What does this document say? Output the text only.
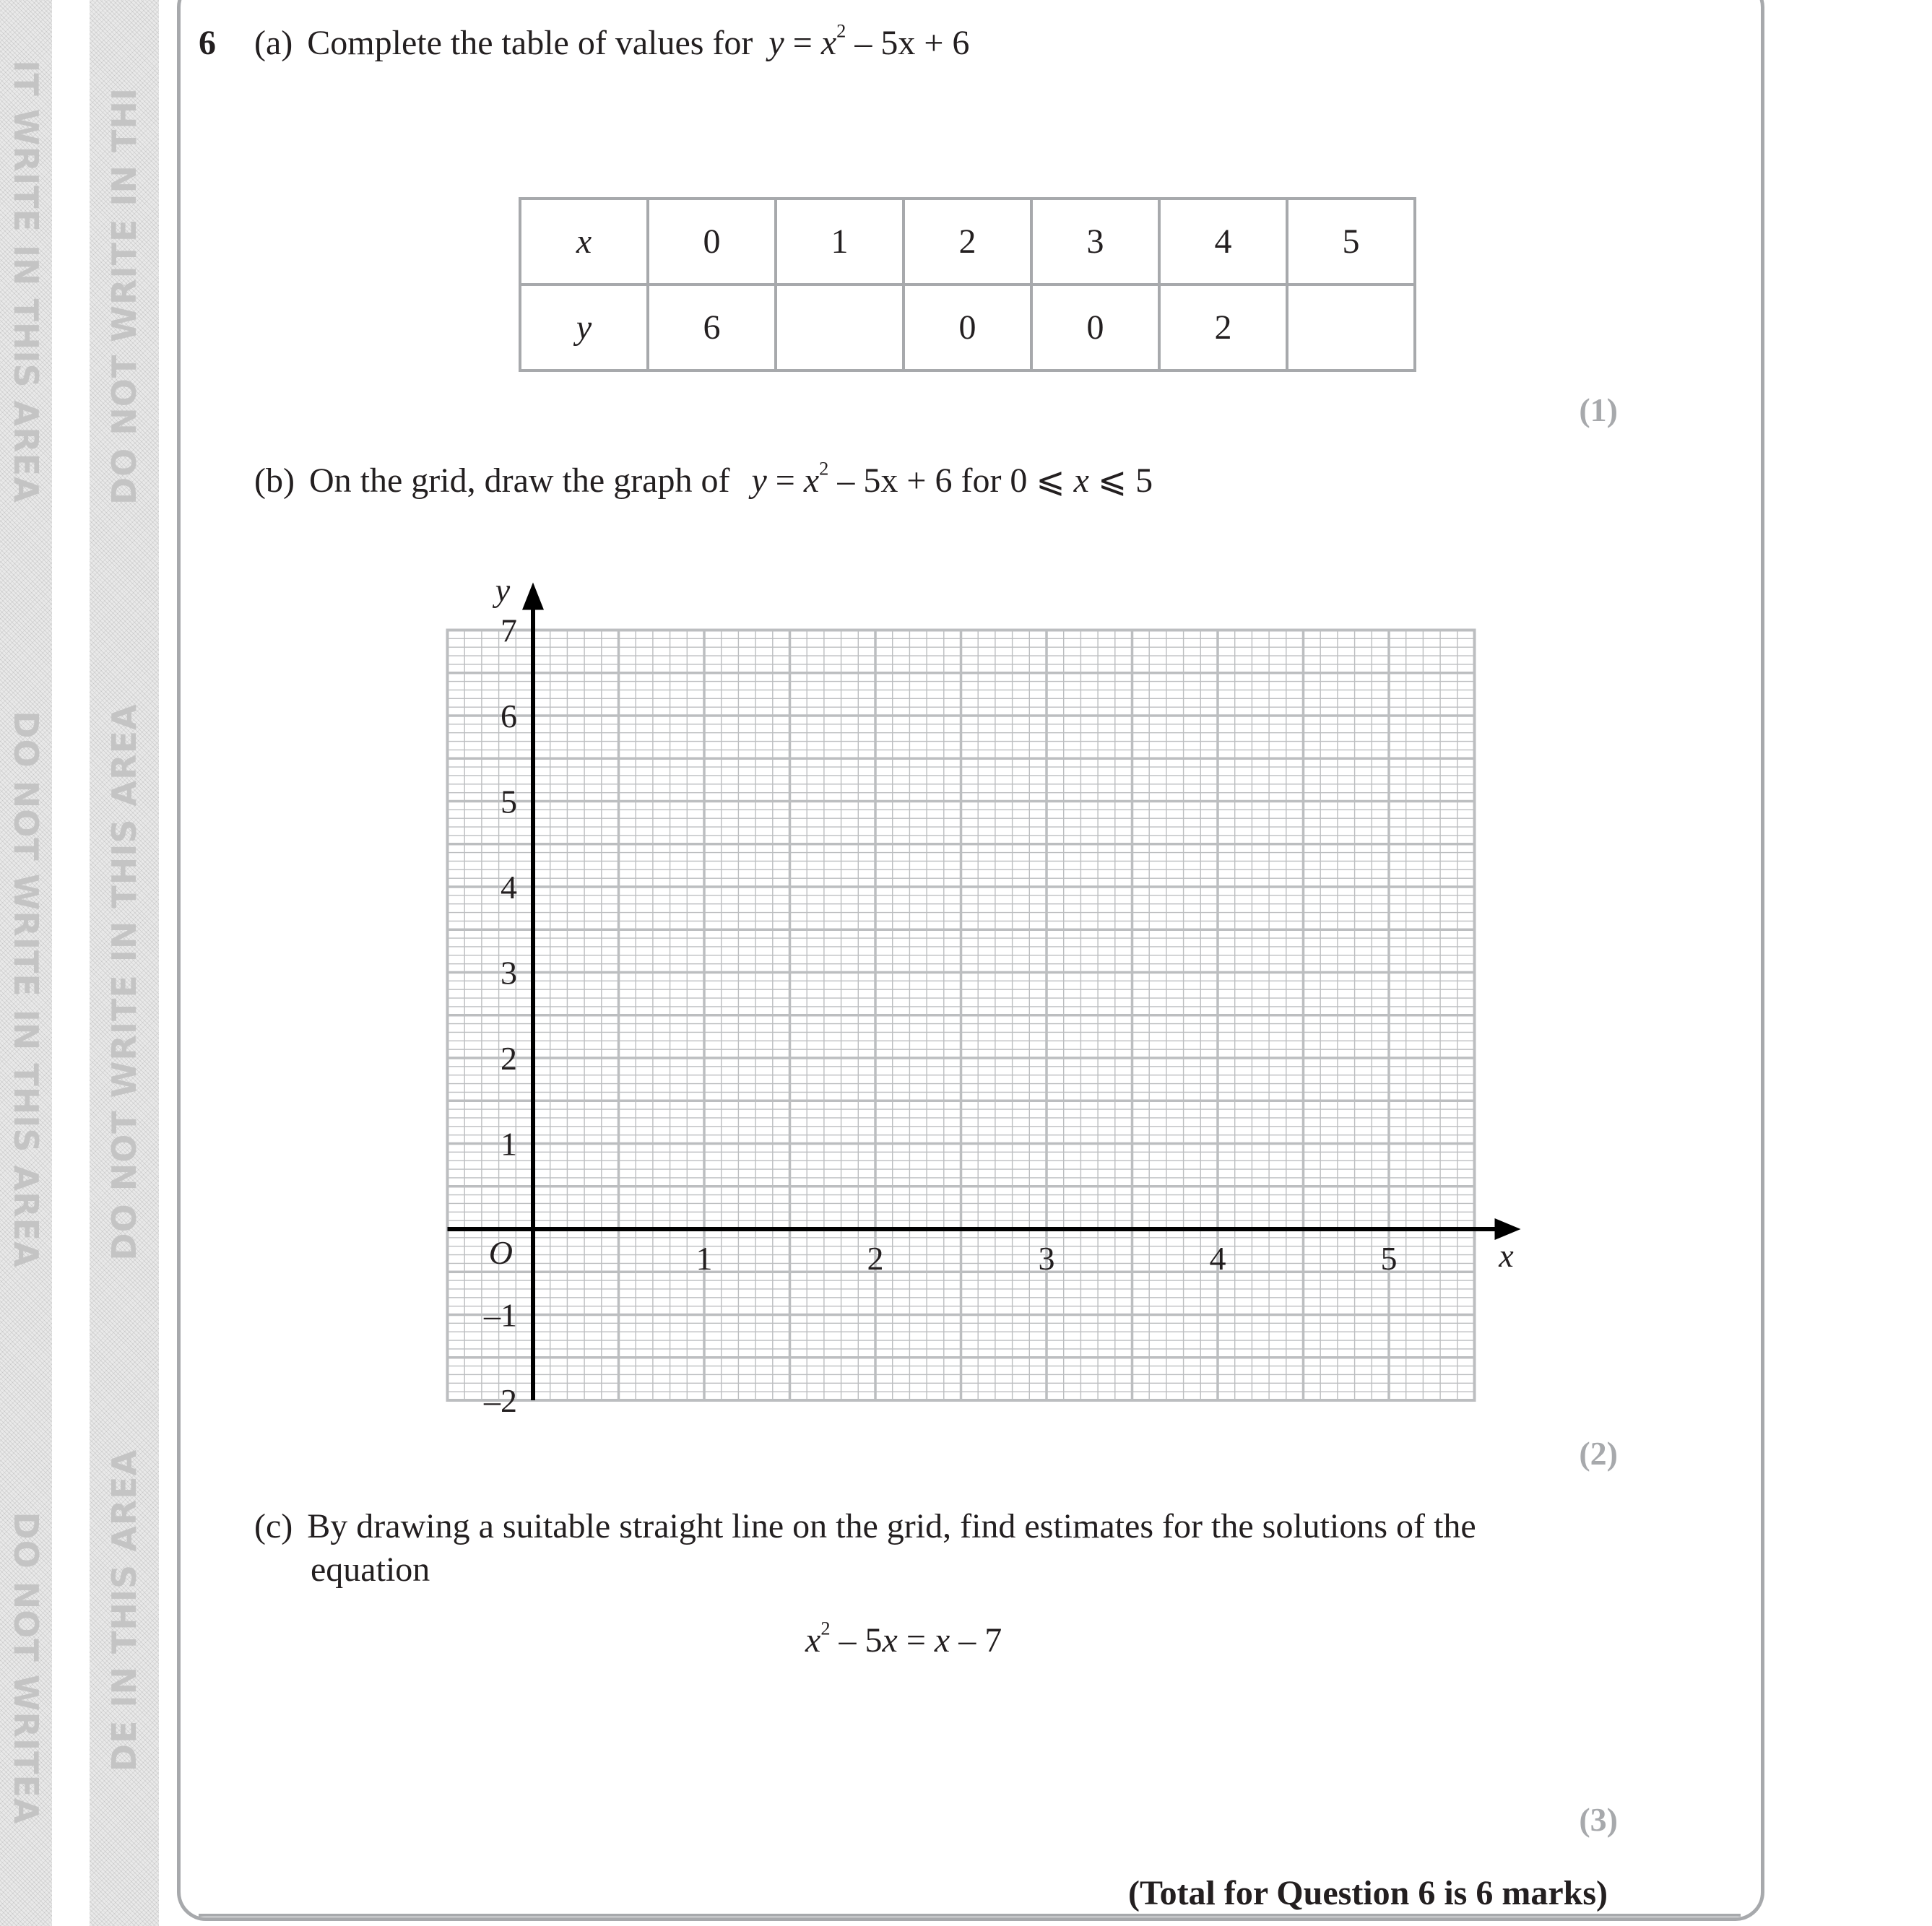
IT WRITE IN THIS AREA
DO NOT WRITE IN THIS AREA
DO NOT WRITEA
DO NOT WRITE IN THI
DO NOT WRITE IN THIS AREA
DE IN THIS AREA
6 (a) Complete the table of values for $y = x^2 - 5x + 6$
x	0	1	2	3	4	5
y	6		0	0	2	
(1)
(b) On the grid, draw the graph of $y = x^2 - 5x + 6$ for 0 ⩽ x ⩽ 5
1	2	3	4	5
7
6
5
4
3
2
1
–1
–2
O	x
y
(2)
(c) By drawing a suitable straight line on the grid, find estimates for the solutions of the
equation
$x^2 - 5x = x - 7$
(3)
(Total for Question 6 is 6 marks)
